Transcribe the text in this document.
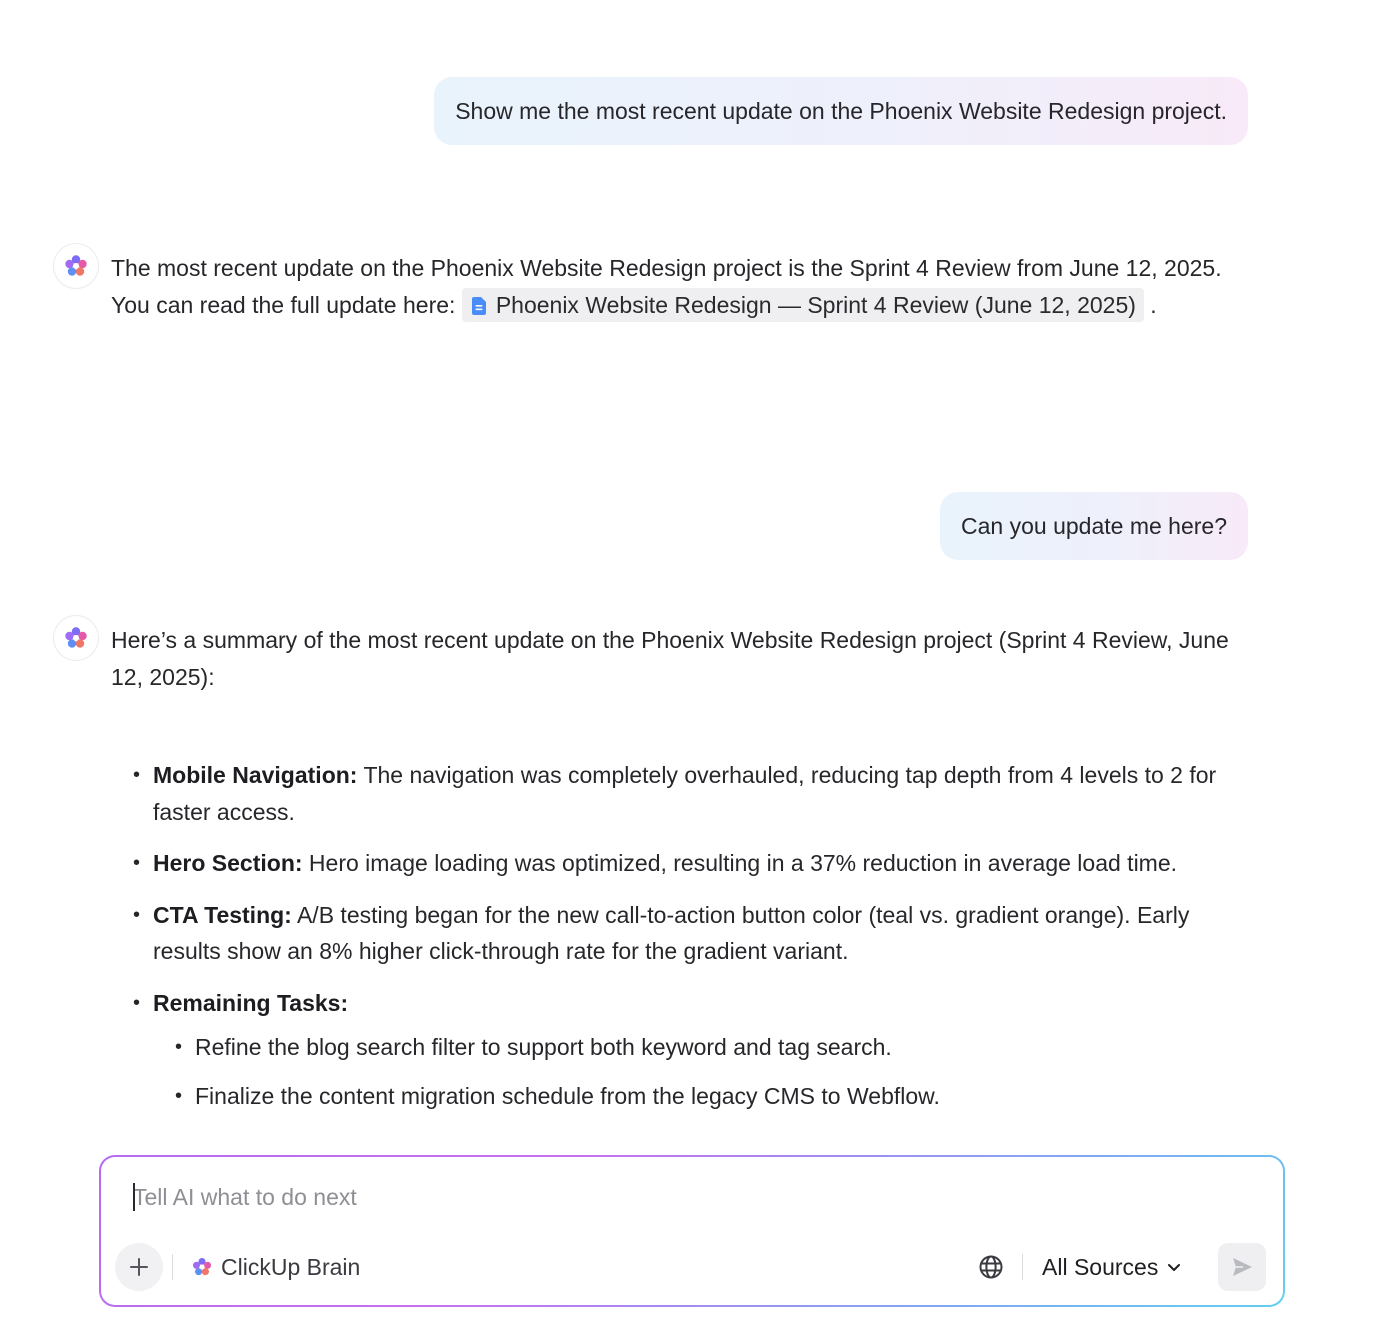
Show me the most recent update on the Phoenix Website Redesign project.
The most recent update on the Phoenix Website Redesign project is the Sprint 4 Review from June 12, 2025. You can read the full update here: Phoenix Website Redesign — Sprint 4 Review (June 12, 2025) .
Can you update me here?
Here’s a summary of the most recent update on the Phoenix Website Redesign project (Sprint 4 Review, June 12, 2025):
• Mobile Navigation: The navigation was completely overhauled, reducing tap depth from 4 levels to 2 for faster access.
• Hero Section: Hero image loading was optimized, resulting in a 37% reduction in average load time.
• CTA Testing: A/B testing began for the new call-to-action button color (teal vs. gradient orange). Early results show an 8% higher click-through rate for the gradient variant.
• Remaining Tasks:
• Refine the blog search filter to support both keyword and tag search.
• Finalize the content migration schedule from the legacy CMS to Webflow.
Tell AI what to do next
ClickUp Brain	All Sources
